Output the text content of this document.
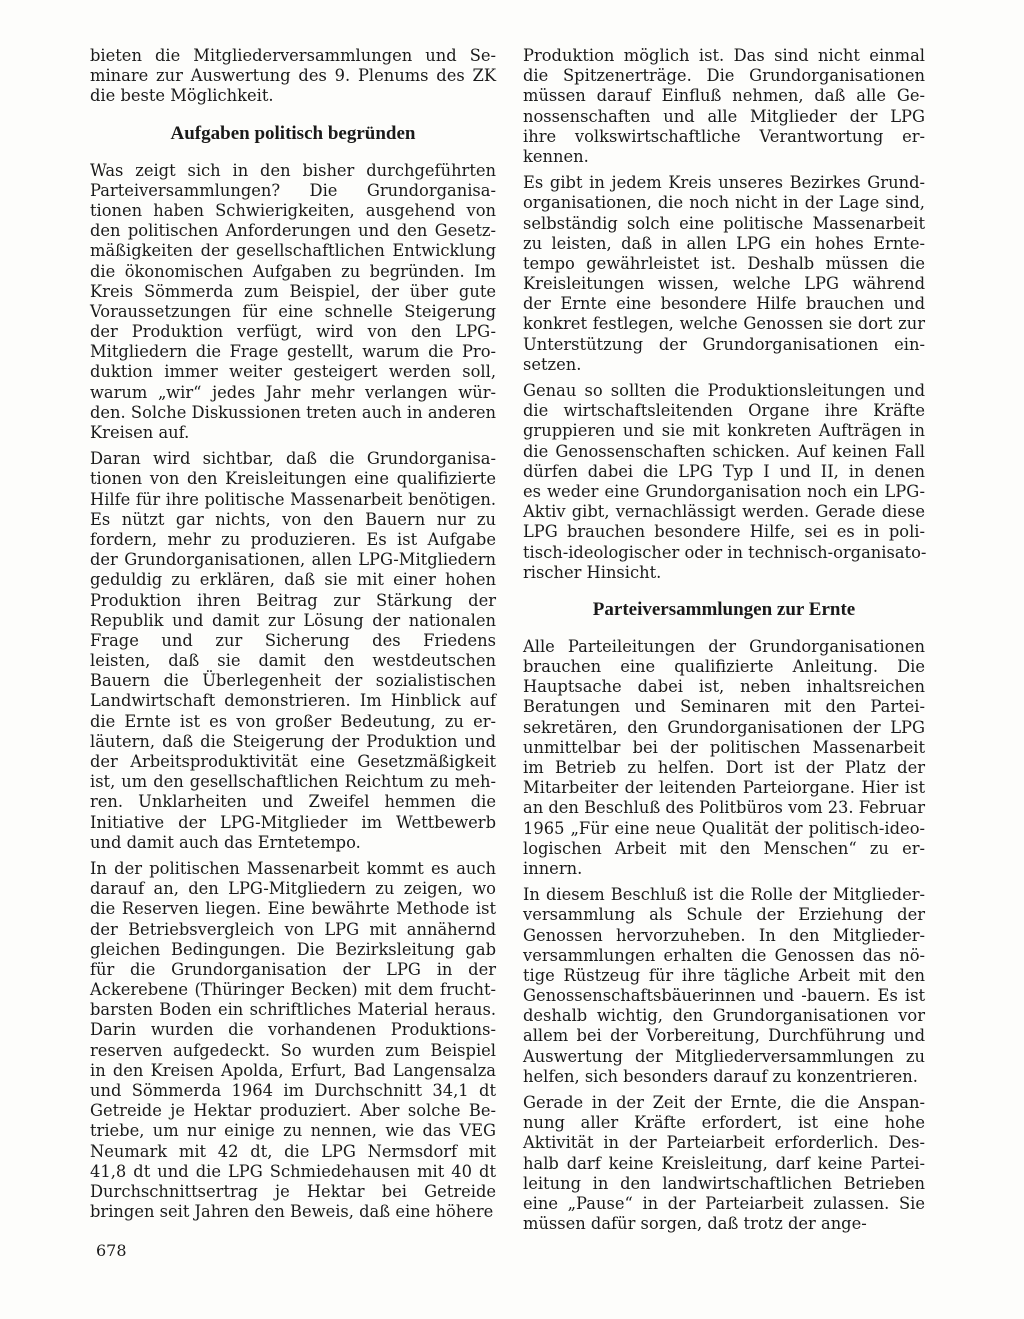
bieten die Mitgliederversammlungen und Se-
minare zur Auswertung des 9. Plenums des ZK
die beste Möglichkeit.
Aufgaben politisch begründen
Was zeigt sich in den bisher durchgeführten
Parteiversammlungen? Die Grundorganisa-
tionen haben Schwierigkeiten, ausgehend von
den politischen Anforderungen und den Gesetz-
mäßigkeiten der gesellschaftlichen Entwicklung
die ökonomischen Aufgaben zu begründen. Im
Kreis Sömmerda zum Beispiel, der über gute
Voraussetzungen für eine schnelle Steigerung
der Produktion verfügt, wird von den LPG-
Mitgliedern die Frage gestellt, warum die Pro-
duktion immer weiter gesteigert werden soll,
warum „wir“ jedes Jahr mehr verlangen wür-
den. Solche Diskussionen treten auch in anderen
Kreisen auf.
Daran wird sichtbar, daß die Grundorganisa-
tionen von den Kreisleitungen eine qualifizierte
Hilfe für ihre politische Massenarbeit benötigen.
Es nützt gar nichts, von den Bauern nur zu
fordern, mehr zu produzieren. Es ist Aufgabe
der Grundorganisationen, allen LPG-Mitgliedern
geduldig zu erklären, daß sie mit einer hohen
Produktion ihren Beitrag zur Stärkung der
Republik und damit zur Lösung der nationalen
Frage und zur Sicherung des Friedens
leisten, daß sie damit den westdeutschen
Bauern die Überlegenheit der sozialistischen
Landwirtschaft demonstrieren. Im Hinblick auf
die Ernte ist es von großer Bedeutung, zu er-
läutern, daß die Steigerung der Produktion und
der Arbeitsproduktivität eine Gesetzmäßigkeit
ist, um den gesellschaftlichen Reichtum zu meh-
ren. Unklarheiten und Zweifel hemmen die
Initiative der LPG-Mitglieder im Wettbewerb
und damit auch das Erntetempo.
In der politischen Massenarbeit kommt es auch
darauf an, den LPG-Mitgliedern zu zeigen, wo
die Reserven liegen. Eine bewährte Methode ist
der Betriebsvergleich von LPG mit annähernd
gleichen Bedingungen. Die Bezirksleitung gab
für die Grundorganisation der LPG in der
Ackerebene (Thüringer Becken) mit dem frucht-
barsten Boden ein schriftliches Material heraus.
Darin wurden die vorhandenen Produktions-
reserven aufgedeckt. So wurden zum Beispiel
in den Kreisen Apolda, Erfurt, Bad Langensalza
und Sömmerda 1964 im Durchschnitt 34,1 dt
Getreide je Hektar produziert. Aber solche Be-
triebe, um nur einige zu nennen, wie das VEG
Neumark mit 42 dt, die LPG Nermsdorf mit
41,8 dt und die LPG Schmiedehausen mit 40 dt
Durchschnittsertrag je Hektar bei Getreide
bringen seit Jahren den Beweis, daß eine höhere
Produktion möglich ist. Das sind nicht einmal
die Spitzenerträge. Die Grundorganisationen
müssen darauf Einfluß nehmen, daß alle Ge-
nossenschaften und alle Mitglieder der LPG
ihre volkswirtschaftliche Verantwortung er-
kennen.
Es gibt in jedem Kreis unseres Bezirkes Grund-
organisationen, die noch nicht in der Lage sind,
selbständig solch eine politische Massenarbeit
zu leisten, daß in allen LPG ein hohes Ernte-
tempo gewährleistet ist. Deshalb müssen die
Kreisleitungen wissen, welche LPG während
der Ernte eine besondere Hilfe brauchen und
konkret festlegen, welche Genossen sie dort zur
Unterstützung der Grundorganisationen ein-
setzen.
Genau so sollten die Produktionsleitungen und
die wirtschaftsleitenden Organe ihre Kräfte
gruppieren und sie mit konkreten Aufträgen in
die Genossenschaften schicken. Auf keinen Fall
dürfen dabei die LPG Typ I und II, in denen
es weder eine Grundorganisation noch ein LPG-
Aktiv gibt, vernachlässigt werden. Gerade diese
LPG brauchen besondere Hilfe, sei es in poli-
tisch-ideologischer oder in technisch-organisato-
rischer Hinsicht.
Parteiversammlungen zur Ernte
Alle Parteileitungen der Grundorganisationen
brauchen eine qualifizierte Anleitung. Die
Hauptsache dabei ist, neben inhaltsreichen
Beratungen und Seminaren mit den Partei-
sekretären, den Grundorganisationen der LPG
unmittelbar bei der politischen Massenarbeit
im Betrieb zu helfen. Dort ist der Platz der
Mitarbeiter der leitenden Parteiorgane. Hier ist
an den Beschluß des Politbüros vom 23. Februar
1965 „Für eine neue Qualität der politisch-ideo-
logischen Arbeit mit den Menschen“ zu er-
innern.
In diesem Beschluß ist die Rolle der Mitglieder-
versammlung als Schule der Erziehung der
Genossen hervorzuheben. In den Mitglieder-
versammlungen erhalten die Genossen das nö-
tige Rüstzeug für ihre tägliche Arbeit mit den
Genossenschaftsbäuerinnen und -bauern. Es ist
deshalb wichtig, den Grundorganisationen vor
allem bei der Vorbereitung, Durchführung und
Auswertung der Mitgliederversammlungen zu
helfen, sich besonders darauf zu konzentrieren.
Gerade in der Zeit der Ernte, die die Anspan-
nung aller Kräfte erfordert, ist eine hohe
Aktivität in der Parteiarbeit erforderlich. Des-
halb darf keine Kreisleitung, darf keine Partei-
leitung in den landwirtschaftlichen Betrieben
eine „Pause“ in der Parteiarbeit zulassen. Sie
müssen dafür sorgen, daß trotz der ange-
678
